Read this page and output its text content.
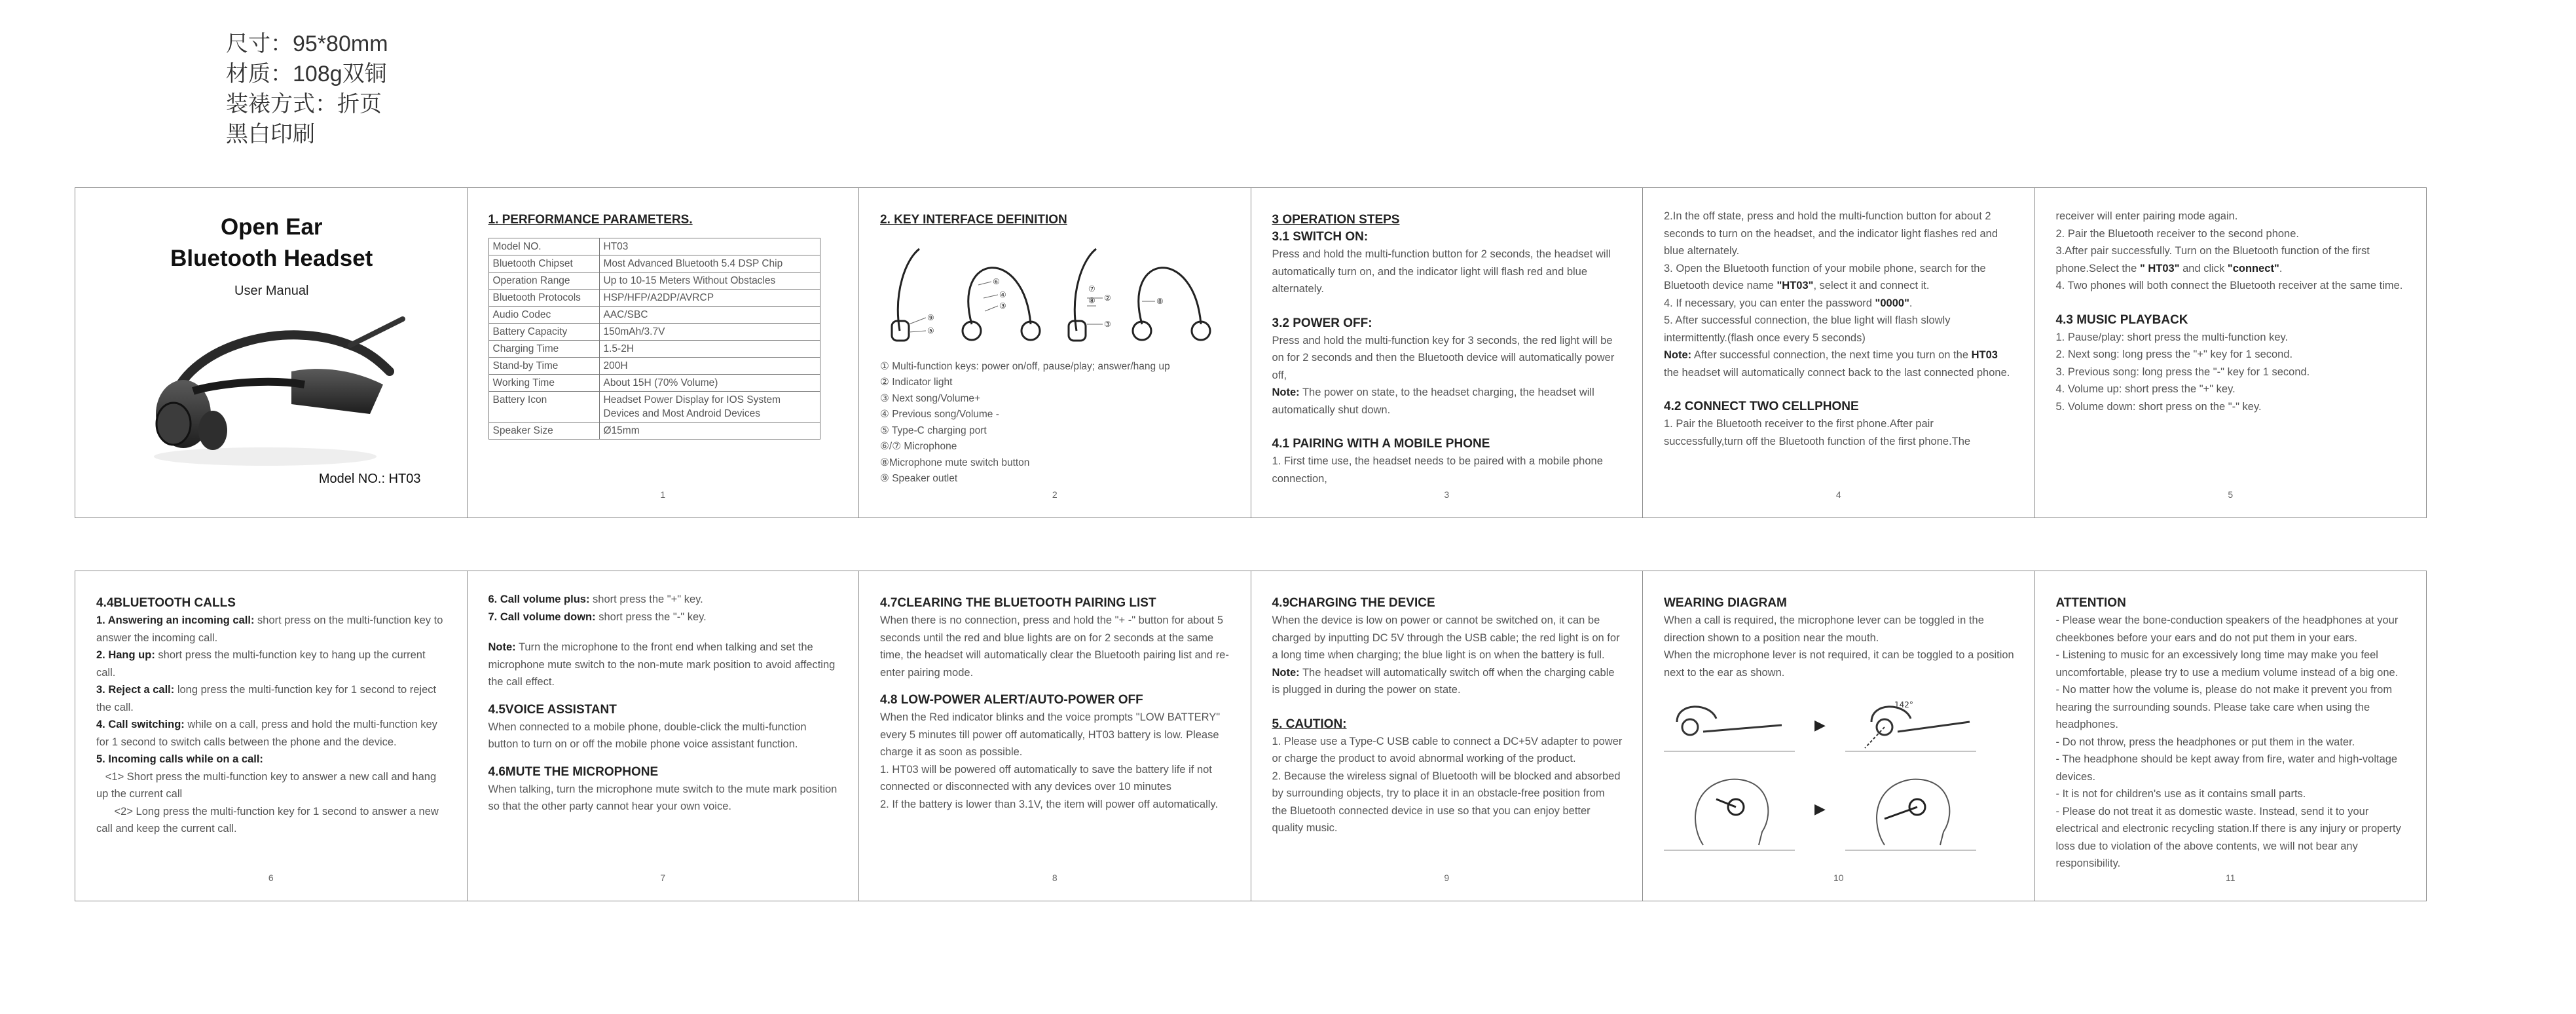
尺寸：95*80mm
材质：108g双铜
装裱方式：折页
黑白印刷
Open Ear
Bluetooth Headset
User Manual
Model NO.: HT03
1. PERFORMANCE PARAMETERS.
Model NO.	HT03
Bluetooth Chipset	Most Advanced Bluetooth 5.4 DSP Chip
Operation Range	Up to 10-15 Meters Without Obstacles
Bluetooth Protocols	HSP/HFP/A2DP/AVRCP
Audio Codec	AAC/SBC
Battery Capacity	150mAh/3.7V
Charging Time	1.5-2H
Stand-by Time	200H
Working Time	About 15H (70% Volume)
Battery Icon	Headset Power Display for IOS System Devices and Most Android Devices
Speaker Size	Ø15mm
1
2. KEY INTERFACE DEFINITION
⑨
⑤
⑥
④
③
⑦
⑧ ②
③
⑧
① Multi-function keys: power on/off, pause/play; answer/hang up
② Indicator light
③ Next song/Volume+
④ Previous song/Volume -
⑤ Type-C charging port
⑥/⑦ Microphone
⑧Microphone mute switch button
⑨ Speaker outlet
2
3 OPERATION STEPS
3.1 SWITCH ON:
Press and hold the multi-function button for 2 seconds, the headset will automatically turn on, and the indicator light will flash red and blue alternately.
3.2 POWER OFF:
Press and hold the multi-function key for 3 seconds, the red light will be on for 2 seconds and then the Bluetooth device will automatically power off,
Note: The power on state, to the headset charging, the headset will automatically shut down.
4.1 PAIRING WITH A MOBILE PHONE
1. First time use, the headset needs to be paired with a mobile phone connection,
3
2.In the off state, press and hold the multi-function button for about 2 seconds to turn on the headset, and the indicator light flashes red and blue alternately.
3. Open the Bluetooth function of your mobile phone, search for the Bluetooth device name "HT03", select it and connect it.
4. If necessary, you can enter the password "0000".
5. After successful connection, the blue light will flash slowly intermittently.(flash once every 5 seconds)
Note: After successful connection, the next time you turn on the HT03 the headset will automatically connect back to the last connected phone.
4.2 CONNECT TWO CELLPHONE
1. Pair the Bluetooth receiver to the first phone.After pair successfully,turn off the Bluetooth function of the first phone.The
4
receiver will enter pairing mode again.
2. Pair the Bluetooth receiver to the second phone.
3.After pair successfully. Turn on the Bluetooth function of the first phone.Select the " HT03" and click "connect".
4. Two phones will both connect the Bluetooth receiver at the same time.
4.3 MUSIC PLAYBACK
1. Pause/play: short press the multi-function key.
2. Next song: long press the "+" key for 1 second.
3. Previous song: long press the "-" key for 1 second.
4. Volume up: short press the "+" key.
5. Volume down: short press on the "-" key.
5
4.4BLUETOOTH CALLS
1. Answering an incoming call: short press on the multi-function key to answer the incoming call.
2. Hang up: short press the multi-function key to hang up the current call.
3. Reject a call: long press the multi-function key for 1 second to reject the call.
4. Call switching: while on a call, press and hold the multi-function key for 1 second to switch calls between the phone and the device.
5. Incoming calls while on a call:
<1> Short press the multi-function key to answer a new call and hang up the current call
<2> Long press the multi-function key for 1 second to answer a new call and keep the current call.
6
6. Call volume plus: short press the "+" key.
7. Call volume down: short press the "-" key.
Note: Turn the microphone to the front end when talking and set the microphone mute switch to the non-mute mark position to avoid affecting the call effect.
4.5VOICE ASSISTANT
When connected to a mobile phone, double-click the multi-function button to turn on or off the mobile phone voice assistant function.
4.6MUTE THE MICROPHONE
When talking, turn the microphone mute switch to the mute mark position so that the other party cannot hear your own voice.
7
4.7CLEARING THE BLUETOOTH PAIRING LIST
When there is no connection, press and hold the "+ -" button for about 5 seconds until the red and blue lights are on for 2 seconds at the same time, the headset will automatically clear the Bluetooth pairing list and re-enter pairing mode.
4.8 LOW-POWER ALERT/AUTO-POWER OFF
When the Red indicator blinks and the voice prompts "LOW BATTERY" every 5 minutes till power off automatically, HT03 battery is low. Please charge it as soon as possible.
1. HT03 will be powered off automatically to save the battery life if not connected or disconnected with any devices over 10 minutes
2. If the battery is lower than 3.1V, the item will power off automatically.
8
4.9CHARGING THE DEVICE
When the device is low on power or cannot be switched on, it can be charged by inputting DC 5V through the USB cable; the red light is on for a long time when charging; the blue light is on when the battery is full.
Note: The headset will automatically switch off when the charging cable is plugged in during the power on state.
5. CAUTION:
1. Please use a Type-C USB cable to connect a DC+5V adapter to power or charge the product to avoid abnormal working of the product.
2. Because the wireless signal of Bluetooth will be blocked and absorbed by surrounding objects, try to place it in an obstacle-free position from the Bluetooth connected device in use so that you can enjoy better quality music.
9
WEARING DIAGRAM
When a call is required, the microphone lever can be toggled in the direction shown to a position near the mouth.
When the microphone lever is not required, it can be toggled to a position next to the ear as shown.
▶
142°
▶
10
ATTENTION
- Please wear the bone-conduction speakers of the headphones at your cheekbones before your ears and do not put them in your ears.
- Listening to music for an excessively long time may make you feel uncomfortable, please try to use a medium volume instead of a big one.
- No matter how the volume is, please do not make it prevent you from hearing the surrounding sounds. Please take care when using the headphones.
- Do not throw, press the headphones or put them in the water.
- The headphone should be kept away from fire, water and high-voltage devices.
- It is not for children's use as it contains small parts.
- Please do not treat it as domestic waste. Instead, send it to your electrical and electronic recycling station.If there is any injury or property loss due to violation of the above contents, we will not bear any responsibility.
11
